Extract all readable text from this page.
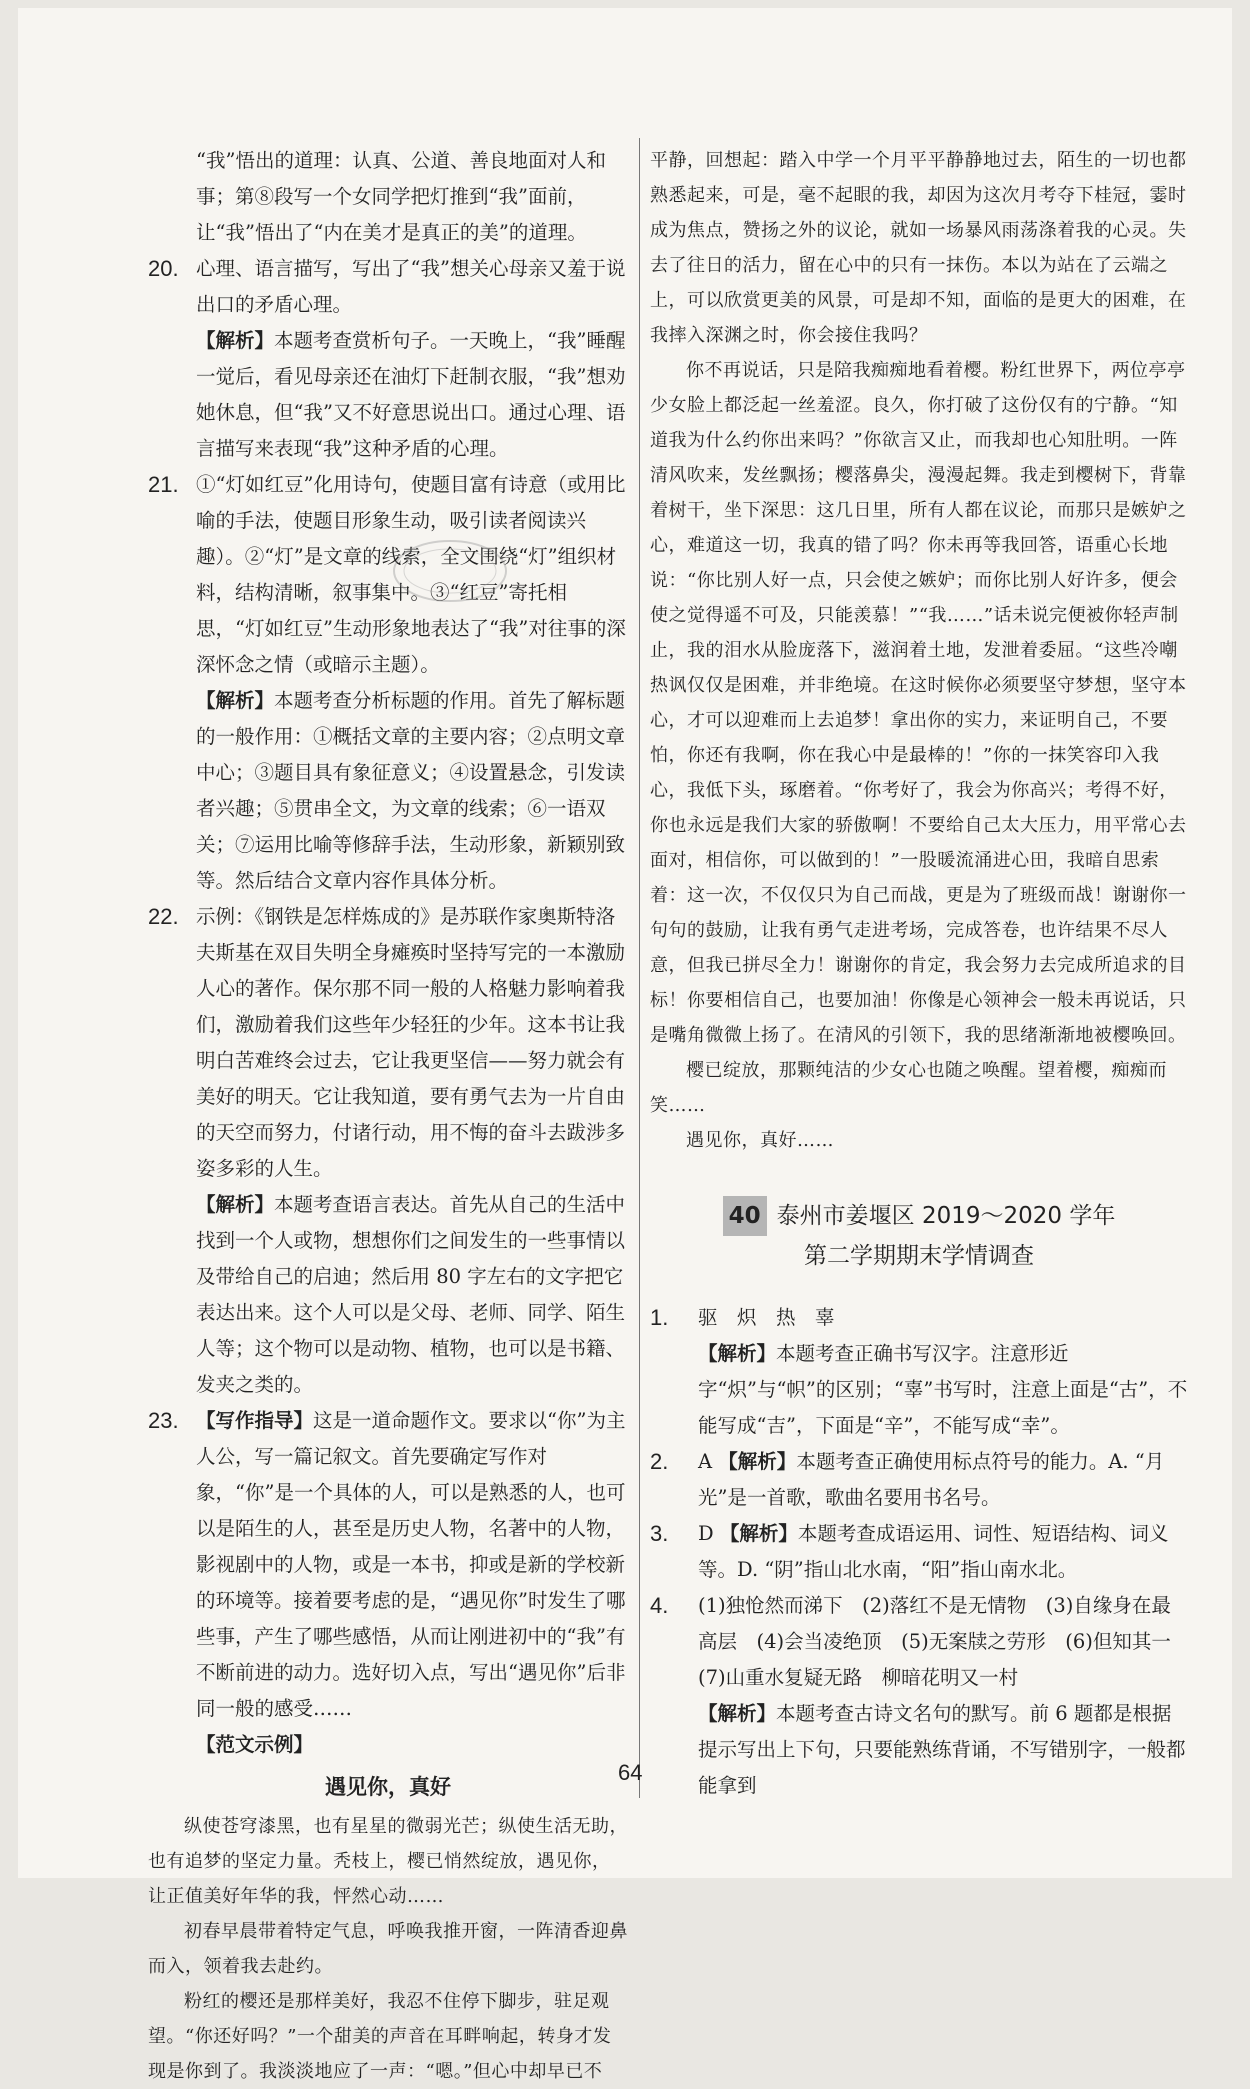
“我”悟出的道理：认真、公道、善良地面对人和事；第⑧段写一个女同学把灯推到“我”面前，让“我”悟出了“内在美才是真正的美”的道理。
20. 心理、语言描写，写出了“我”想关心母亲又羞于说出口的矛盾心理。
【解析】本题考查赏析句子。一天晚上，“我”睡醒一觉后，看见母亲还在油灯下赶制衣服，“我”想劝她休息，但“我”又不好意思说出口。通过心理、语言描写来表现“我”这种矛盾的心理。
21. ①“灯如红豆”化用诗句，使题目富有诗意（或用比喻的手法，使题目形象生动，吸引读者阅读兴趣）。②“灯”是文章的线索，全文围绕“灯”组织材料，结构清晰，叙事集中。③“红豆”寄托相思，“灯如红豆”生动形象地表达了“我”对往事的深深怀念之情（或暗示主题）。
【解析】本题考查分析标题的作用。首先了解标题的一般作用：①概括文章的主要内容；②点明文章中心；③题目具有象征意义；④设置悬念，引发读者兴趣；⑤贯串全文，为文章的线索；⑥一语双关；⑦运用比喻等修辞手法，生动形象，新颖别致等。然后结合文章内容作具体分析。
22. 示例：《钢铁是怎样炼成的》是苏联作家奥斯特洛夫斯基在双目失明全身瘫痪时坚持写完的一本激励人心的著作。保尔那不同一般的人格魅力影响着我们，激励着我们这些年少轻狂的少年。这本书让我明白苦难终会过去，它让我更坚信——努力就会有美好的明天。它让我知道，要有勇气去为一片自由的天空而努力，付诸行动，用不悔的奋斗去跋涉多姿多彩的人生。
【解析】本题考查语言表达。首先从自己的生活中找到一个人或物，想想你们之间发生的一些事情以及带给自己的启迪；然后用 80 字左右的文字把它表达出来。这个人可以是父母、老师、同学、陌生人等；这个物可以是动物、植物，也可以是书籍、发夹之类的。
23. 【写作指导】这是一道命题作文。要求以“你”为主人公，写一篇记叙文。首先要确定写作对象，“你”是一个具体的人，可以是熟悉的人，也可以是陌生的人，甚至是历史人物，名著中的人物，影视剧中的人物，或是一本书，抑或是新的学校新的环境等。接着要考虑的是，“遇见你”时发生了哪些事，产生了哪些感悟，从而让刚进初中的“我”有不断前进的动力。选好切入点，写出“遇见你”后非同一般的感受……
【范文示例】
遇见你，真好
纵使苍穹漆黑，也有星星的微弱光芒；纵使生活无助，也有追梦的坚定力量。秃枝上，樱已悄然绽放，遇见你，让正值美好年华的我，怦然心动……
初春早晨带着特定气息，呼唤我推开窗，一阵清香迎鼻而入，领着我去赴约。
粉红的樱还是那样美好，我忍不住停下脚步，驻足观望。“你还好吗？”一个甜美的声音在耳畔响起，转身才发现是你到了。我淡淡地应了一声：“嗯。”但心中却早已不
平静，回想起：踏入中学一个月平平静静地过去，陌生的一切也都熟悉起来，可是，毫不起眼的我，却因为这次月考夺下桂冠，霎时成为焦点，赞扬之外的议论，就如一场暴风雨荡涤着我的心灵。失去了往日的活力，留在心中的只有一抹伤。本以为站在了云端之上，可以欣赏更美的风景，可是却不知，面临的是更大的困难，在我摔入深渊之时，你会接住我吗？
你不再说话，只是陪我痴痴地看着樱。粉红世界下，两位亭亭少女脸上都泛起一丝羞涩。良久，你打破了这份仅有的宁静。“知道我为什么约你出来吗？”你欲言又止，而我却也心知肚明。一阵清风吹来，发丝飘扬；樱落鼻尖，漫漫起舞。我走到樱树下，背靠着树干，坐下深思：这几日里，所有人都在议论，而那只是嫉妒之心，难道这一切，我真的错了吗？你未再等我回答，语重心长地说：“你比别人好一点，只会使之嫉妒；而你比别人好许多，便会使之觉得遥不可及，只能羡慕！”“我……”话未说完便被你轻声制止，我的泪水从脸庞落下，滋润着土地，发泄着委屈。“这些冷嘲热讽仅仅是困难，并非绝境。在这时候你必须要坚守梦想，坚守本心，才可以迎难而上去追梦！拿出你的实力，来证明自己，不要怕，你还有我啊，你在我心中是最棒的！”你的一抹笑容印入我心，我低下头，琢磨着。“你考好了，我会为你高兴；考得不好，你也永远是我们大家的骄傲啊！不要给自己太大压力，用平常心去面对，相信你，可以做到的！”一股暖流涌进心田，我暗自思索着：这一次，不仅仅只为自己而战，更是为了班级而战！谢谢你一句句的鼓励，让我有勇气走进考场，完成答卷，也许结果不尽人意，但我已拼尽全力！谢谢你的肯定，我会努力去完成所追求的目标！你要相信自己，也要加油！你像是心领神会一般未再说话，只是嘴角微微上扬了。在清风的引领下，我的思绪渐渐地被樱唤回。
樱已绽放，那颗纯洁的少女心也随之唤醒。望着樱，痴痴而笑……
遇见你，真好……
40 泰州市姜堰区 2019～2020 学年
第二学期期末学情调查
1. 驱　炽　热　辜
【解析】本题考查正确书写汉字。注意形近字“炽”与“帜”的区别；“辜”书写时，注意上面是“古”，不能写成“吉”，下面是“辛”，不能写成“幸”。
2. A 【解析】本题考查正确使用标点符号的能力。A. “月光”是一首歌，歌曲名要用书名号。
3. D 【解析】本题考查成语运用、词性、短语结构、词义等。D. “阴”指山北水南，“阳”指山南水北。
4. (1)独怆然而涕下　(2)落红不是无情物　(3)自缘身在最高层　(4)会当凌绝顶　(5)无案牍之劳形　(6)但知其一　(7)山重水复疑无路　柳暗花明又一村
【解析】本题考查古诗文名句的默写。前 6 题都是根据提示写出上下句，只要能熟练背诵，不写错别字，一般都能拿到
64
